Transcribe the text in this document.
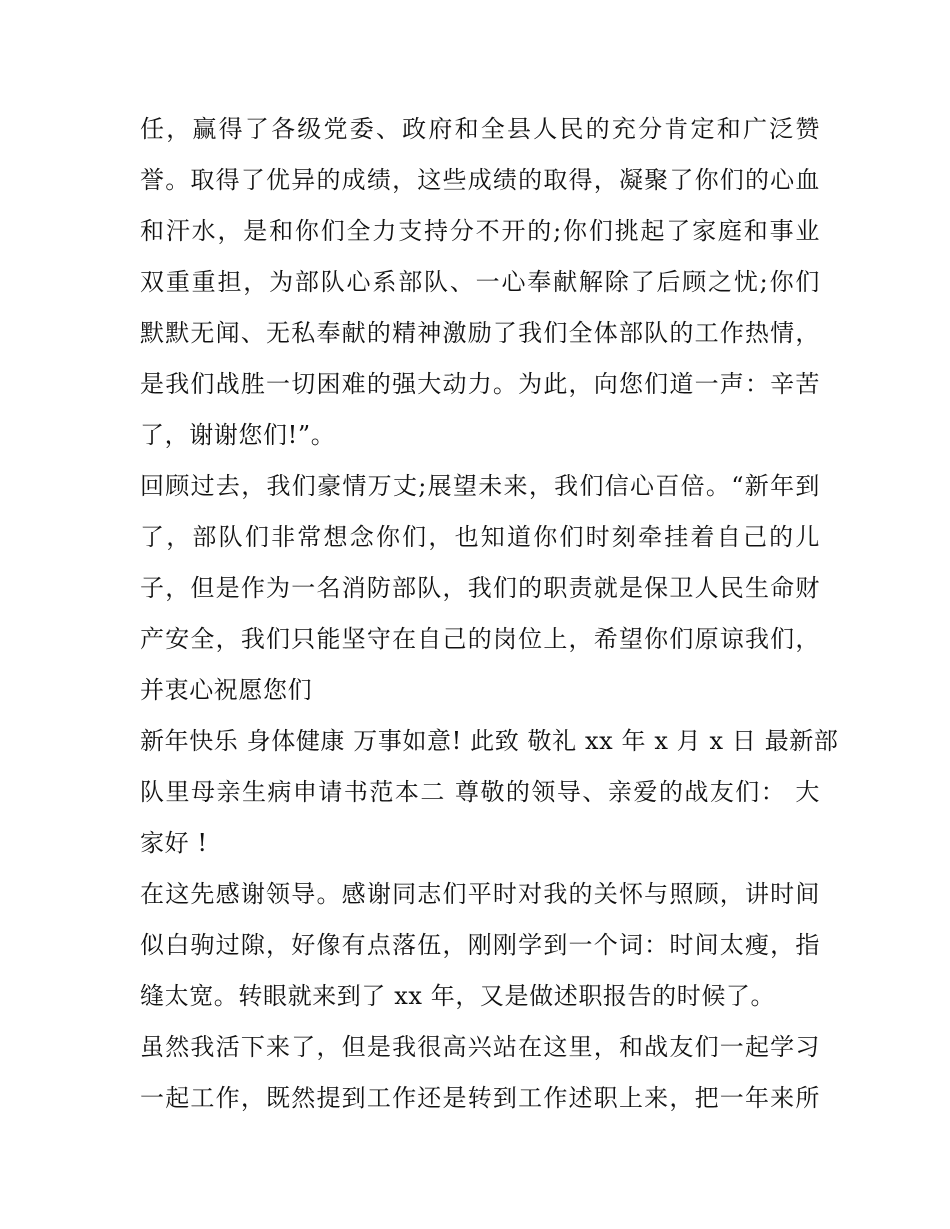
任，赢得了各级党委、政府和全县人民的充分肯定和广泛赞
誉。取得了优异的成绩，这些成绩的取得，凝聚了你们的心血
和汗水，是和你们全力支持分不开的;你们挑起了家庭和事业
双重重担，为部队心系部队、一心奉献解除了后顾之忧;你们
默默无闻、无私奉献的精神激励了我们全体部队的工作热情，
是我们战胜一切困难的强大动力。为此，向您们道一声：辛苦
了，谢谢您们!”。
回顾过去，我们豪情万丈;展望未来，我们信心百倍。“新年到
了，部队们非常想念你们，也知道你们时刻牵挂着自己的儿
子，但是作为一名消防部队，我们的职责就是保卫人民生命财
产安全，我们只能坚守在自己的岗位上，希望你们原谅我们，
并衷心祝愿您们
新年快乐 身体健康 万事如意! 此致 敬礼 xx 年 x 月 x 日 最新部
队里母亲生病申请书范本二 尊敬的领导、亲爱的战友们： 大
家好 !
在这先感谢领导。感谢同志们平时对我的关怀与照顾，讲时间
似白驹过隙，好像有点落伍，刚刚学到一个词：时间太瘦，指
缝太宽。转眼就来到了 xx 年，又是做述职报告的时候了。
虽然我活下来了，但是我很高兴站在这里，和战友们一起学习
一起工作，既然提到工作还是转到工作述职上来，把一年来所
